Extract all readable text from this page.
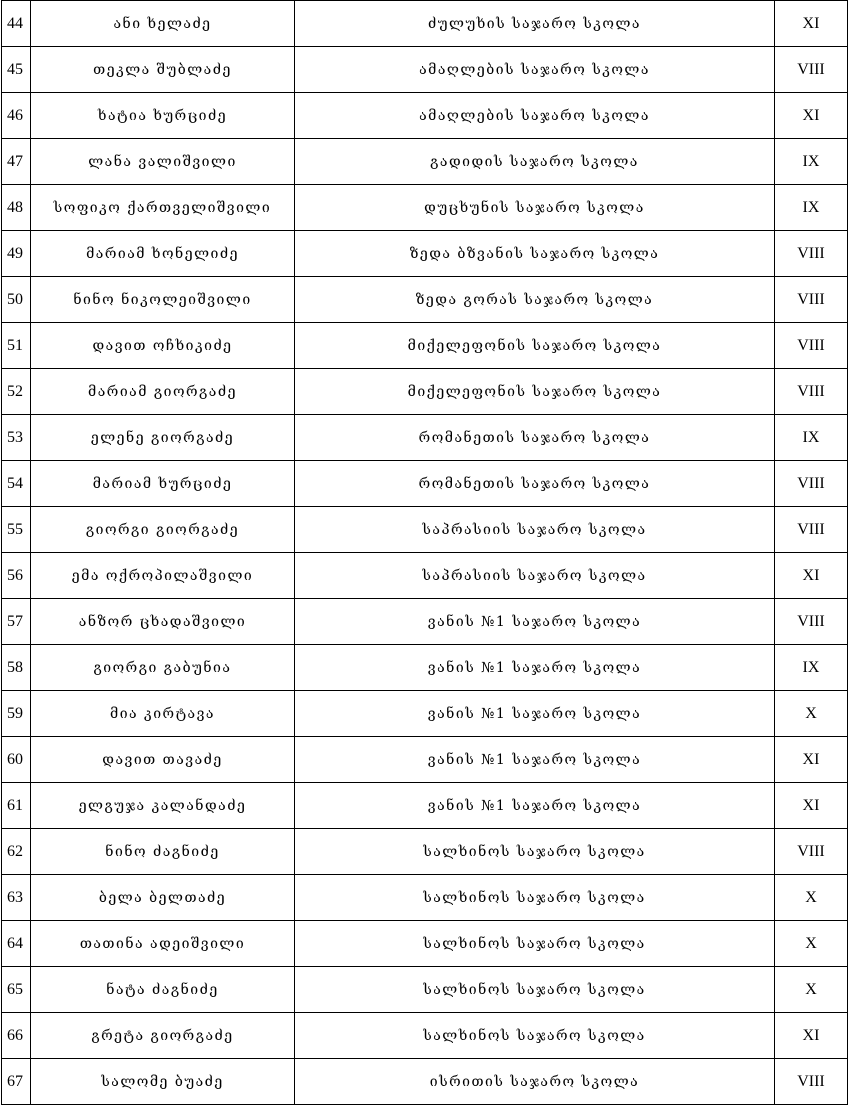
44	ანი ხელაძე	ძულუხის საჯარო სკოლა	XI
45	თეკლა შუბლაძე	ამაღლების საჯარო სკოლა	VIII
46	ხატია ხურციძე	ამაღლების საჯარო სკოლა	XI
47	ლანა ვალიშვილი	გადიდის საჯარო სკოლა	IX
48	სოფიკო ქართველიშვილი	დუცხუნის საჯარო სკოლა	IX
49	მარიამ ხონელიძე	ზედა ბზვანის საჯარო სკოლა	VIII
50	ნინო ნიკოლეიშვილი	ზედა გორას საჯარო სკოლა	VIII
51	დავით ოჩხიკიძე	მიქელეფონის საჯარო სკოლა	VIII
52	მარიამ გიორგაძე	მიქელეფონის საჯარო სკოლა	VIII
53	ელენე გიორგაძე	რომანეთის საჯარო სკოლა	IX
54	მარიამ ხურციძე	რომანეთის საჯარო სკოლა	VIII
55	გიორგი გიორგაძე	საპრასიის საჯარო სკოლა	VIII
56	ემა ოქროპილაშვილი	საპრასიის საჯარო სკოლა	XI
57	ანზორ ცხადაშვილი	ვანის №1 საჯარო სკოლა	VIII
58	გიორგი გაბუნია	ვანის №1 საჯარო სკოლა	IX
59	მია კირტავა	ვანის №1 საჯარო სკოლა	X
60	დავით თავაძე	ვანის №1 საჯარო სკოლა	XI
61	ელგუჯა კალანდაძე	ვანის №1 საჯარო სკოლა	XI
62	ნინო ძაგნიძე	სალხინოს საჯარო სკოლა	VIII
63	ბელა ბელთაძე	სალხინოს საჯარო სკოლა	X
64	თათინა ადეიშვილი	სალხინოს საჯარო სკოლა	X
65	ნატა ძაგნიძე	სალხინოს საჯარო სკოლა	X
66	გრეტა გიორგაძე	სალხინოს საჯარო სკოლა	XI
67	სალომე ბუაძე	ისრითის საჯარო სკოლა	VIII
